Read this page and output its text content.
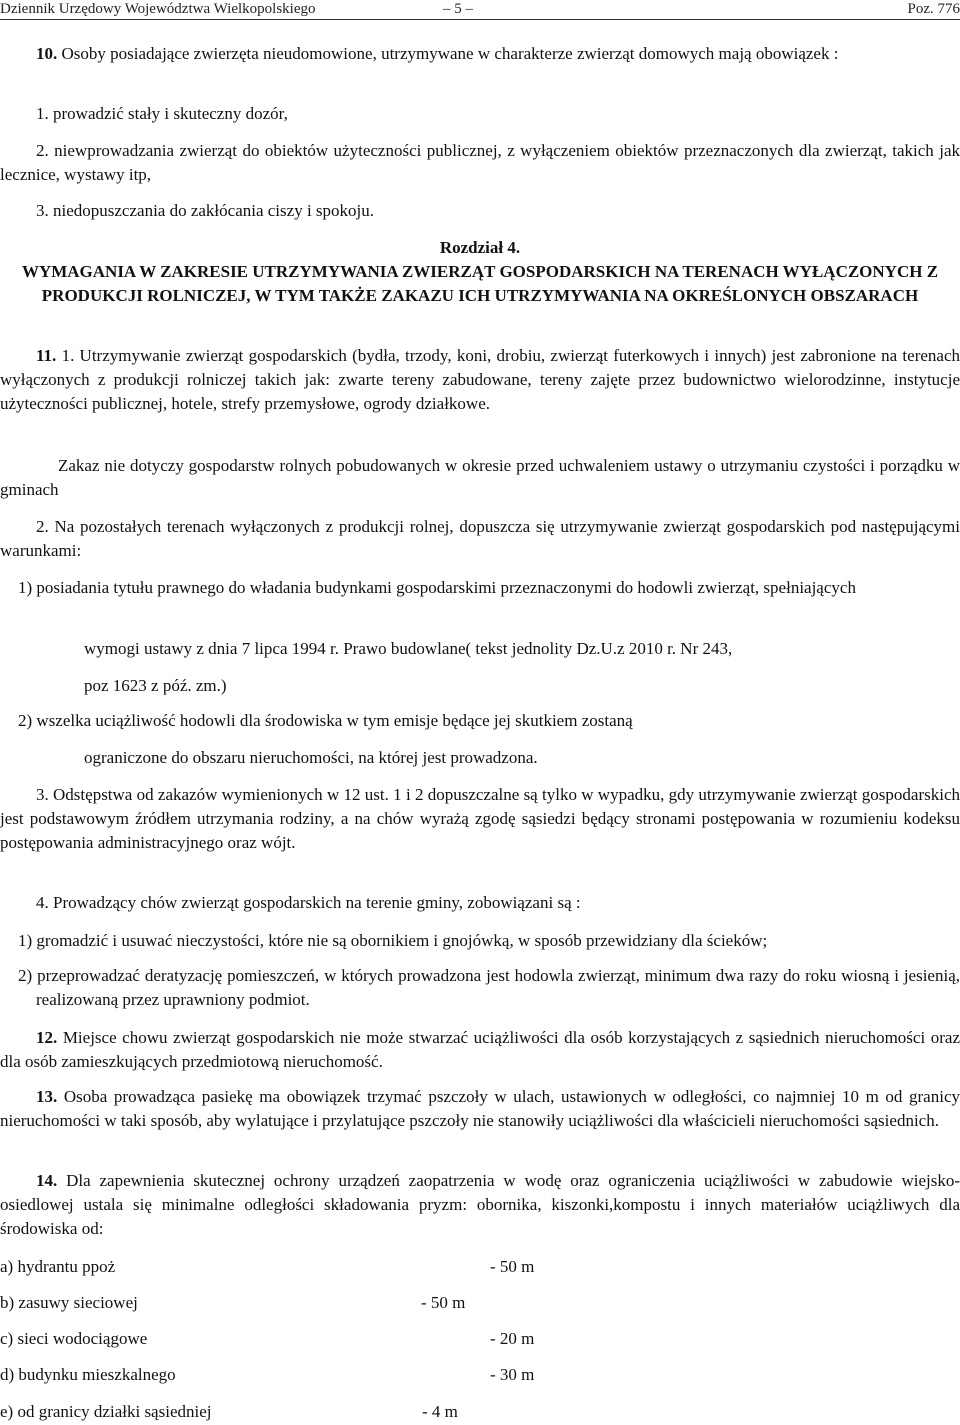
Dziennik Urzędowy Województwa Wielkopolskiego	– 5 –	Poz. 776
10. Osoby posiadające zwierzęta nieudomowione, utrzymywane w charakterze zwierząt domowych mają obowiązek :
1. prowadzić stały i skuteczny dozór,
2. niewprowadzania zwierząt do obiektów użyteczności publicznej, z wyłączeniem obiektów przeznaczonych dla zwierząt, takich jak lecznice, wystawy itp,
3. niedopuszczania do zakłócania ciszy i spokoju.
Rozdział 4.
WYMAGANIA W ZAKRESIE UTRZYMYWANIA ZWIERZĄT GOSPODARSKICH NA TERENACH WYŁĄCZONYCH Z PRODUKCJI ROLNICZEJ, W TYM TAKŻE ZAKAZU ICH UTRZYMYWANIA NA OKREŚLONYCH OBSZARACH
11. 1. Utrzymywanie zwierząt gospodarskich (bydła, trzody, koni, drobiu, zwierząt futerkowych i innych) jest zabronione na terenach wyłączonych z produkcji rolniczej takich jak: zwarte tereny zabudowane, tereny zajęte przez budownictwo wielorodzinne, instytucje użyteczności publicznej, hotele, strefy przemysłowe, ogrody działkowe.
Zakaz nie dotyczy gospodarstw rolnych pobudowanych w okresie przed uchwaleniem ustawy o utrzymaniu czystości i porządku w gminach
2. Na pozostałych terenach wyłączonych z produkcji rolnej, dopuszcza się utrzymywanie zwierząt gospodarskich pod następującymi warunkami:
1) posiadania tytułu prawnego do władania budynkami gospodarskimi przeznaczonymi do hodowli zwierząt, spełniających
wymogi ustawy z dnia 7 lipca 1994 r. Prawo budowlane( tekst jednolity Dz.U.z 2010 r. Nr 243,
poz 1623 z póź. zm.)
2) wszelka uciążliwość hodowli dla środowiska w tym emisje będące jej skutkiem zostaną
ograniczone do obszaru nieruchomości, na której jest prowadzona.
3. Odstępstwa od zakazów wymienionych w 12 ust. 1 i 2 dopuszczalne są tylko w wypadku, gdy utrzymywanie zwierząt gospodarskich jest podstawowym źródłem utrzymania rodziny, a na chów wyrażą zgodę sąsiedzi będący stronami postępowania w rozumieniu kodeksu postępowania administracyjnego oraz wójt.
4. Prowadzący chów zwierząt gospodarskich na terenie gminy, zobowiązani są :
1) gromadzić i usuwać nieczystości, które nie są obornikiem i gnojówką, w sposób przewidziany dla ścieków;
2) przeprowadzać deratyzację pomieszczeń, w których prowadzona jest hodowla zwierząt, minimum dwa razy do roku wiosną i jesienią, realizowaną przez uprawniony podmiot.
12. Miejsce chowu zwierząt gospodarskich nie może stwarzać uciążliwości dla osób korzystających z sąsiednich nieruchomości oraz dla osób zamieszkujących przedmiotową nieruchomość.
13. Osoba prowadząca pasiekę ma obowiązek trzymać pszczoły w ulach, ustawionych w odległości, co najmniej 10 m od granicy nieruchomości w taki sposób, aby wylatujące i przylatujące pszczoły nie stanowiły uciążliwości dla właścicieli nieruchomości sąsiednich.
14. Dla zapewnienia skutecznej ochrony urządzeń zaopatrzenia w wodę oraz ograniczenia uciążliwości w zabudowie wiejsko-osiedlowej ustala się minimalne odległości składowania pryzm: obornika, kiszonki,kompostu i innych materiałów uciążliwych dla środowiska od:
a) hydrantu ppoż	- 50 m
b) zasuwy sieciowej	- 50 m
c) sieci wodociągowe	- 20 m
d) budynku mieszkalnego	- 30 m
e) od granicy działki sąsiedniej	- 4 m
